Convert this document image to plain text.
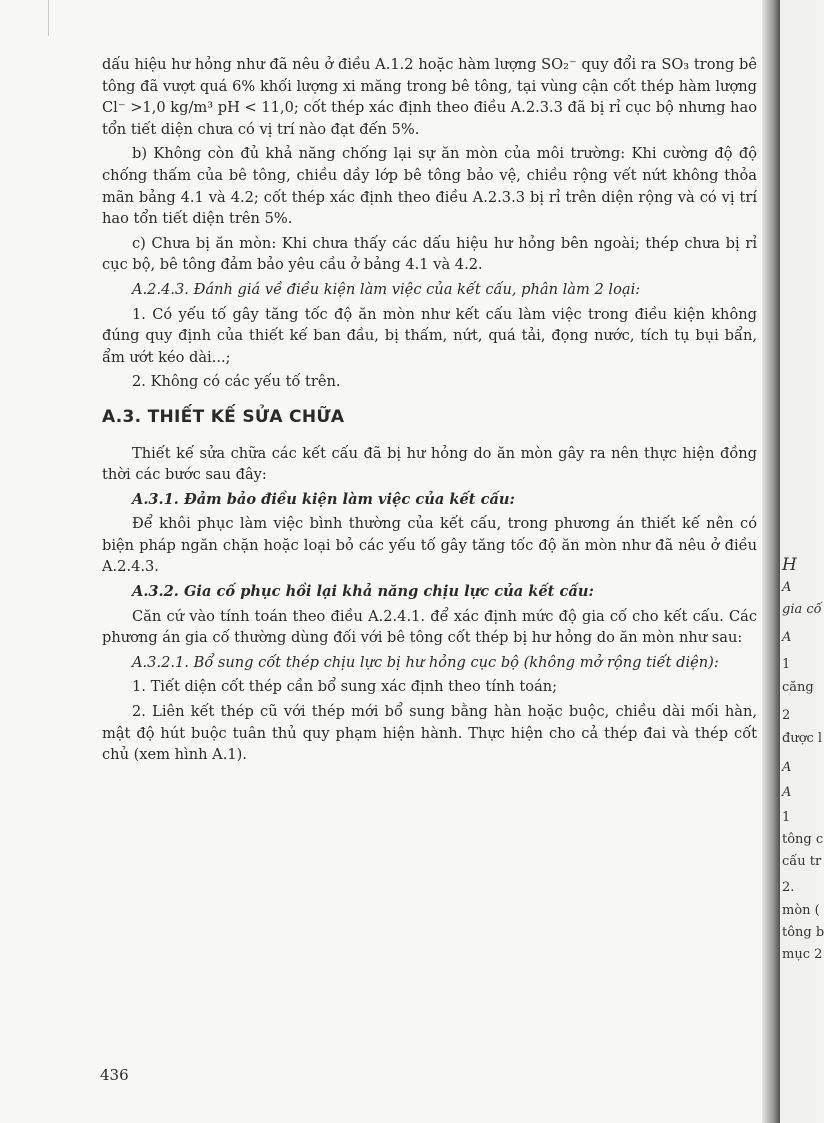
dấu hiệu hư hỏng như đã nêu ở điều A.1.2 hoặc hàm lượng SO₂⁻ quy đổi ra SO₃ trong bê tông đã vượt quá 6% khối lượng xi măng trong bê tông, tại vùng cận cốt thép hàm lượng Cl⁻ >1,0 kg/m³ pH < 11,0; cốt thép xác định theo điều A.2.3.3 đã bị rỉ cục bộ nhưng hao tổn tiết diện chưa có vị trí nào đạt đến 5%.

b) Không còn đủ khả năng chống lại sự ăn mòn của môi trường: Khi cường độ độ chống thấm của bê tông, chiều dầy lớp bê tông bảo vệ, chiều rộng vết nứt không thỏa mãn bảng 4.1 và 4.2; cốt thép xác định theo điều A.2.3.3 bị rỉ trên diện rộng và có vị trí hao tổn tiết diện trên 5%.

c) Chưa bị ăn mòn: Khi chưa thấy các dấu hiệu hư hỏng bên ngoài; thép chưa bị rỉ cục bộ, bê tông đảm bảo yêu cầu ở bảng 4.1 và 4.2.

A.2.4.3. Đánh giá về điều kiện làm việc của kết cấu, phân làm 2 loại:

1. Có yếu tố gây tăng tốc độ ăn mòn như kết cấu làm việc trong điều kiện không đúng quy định của thiết kế ban đầu, bị thấm, nứt, quá tải, đọng nước, tích tụ bụi bẩn, ẩm ướt kéo dài...;

2. Không có các yếu tố trên.

A.3. THIẾT KẾ SỬA CHỮA

Thiết kế sửa chữa các kết cấu đã bị hư hỏng do ăn mòn gây ra nên thực hiện đồng thời các bước sau đây:

A.3.1. Đảm bảo điều kiện làm việc của kết cấu:

Để khôi phục làm việc bình thường của kết cấu, trong phương án thiết kế nên có biện pháp ngăn chặn hoặc loại bỏ các yếu tố gây tăng tốc độ ăn mòn như đã nêu ở điều A.2.4.3.

A.3.2. Gia cố phục hồi lại khả năng chịu lực của kết cấu:

Căn cứ vào tính toán theo điều A.2.4.1. để xác định mức độ gia cố cho kết cấu. Các phương án gia cố thường dùng đối với bê tông cốt thép bị hư hỏng do ăn mòn như sau:

A.3.2.1. Bổ sung cốt thép chịu lực bị hư hỏng cục bộ (không mở rộng tiết diện):

1. Tiết diện cốt thép cần bổ sung xác định theo tính toán;

2. Liên kết thép cũ với thép mới bổ sung bằng hàn hoặc buộc, chiều dài mối hàn, mật độ hút buộc tuân thủ quy phạm hiện hành. Thực hiện cho cả thép đai và thép cốt chủ (xem hình A.1).

436
H
A
gia cố
A
1
căng
2
được l
A
A
1
tông c
cấu tr
2.
mòn (
tông b
mục 2
